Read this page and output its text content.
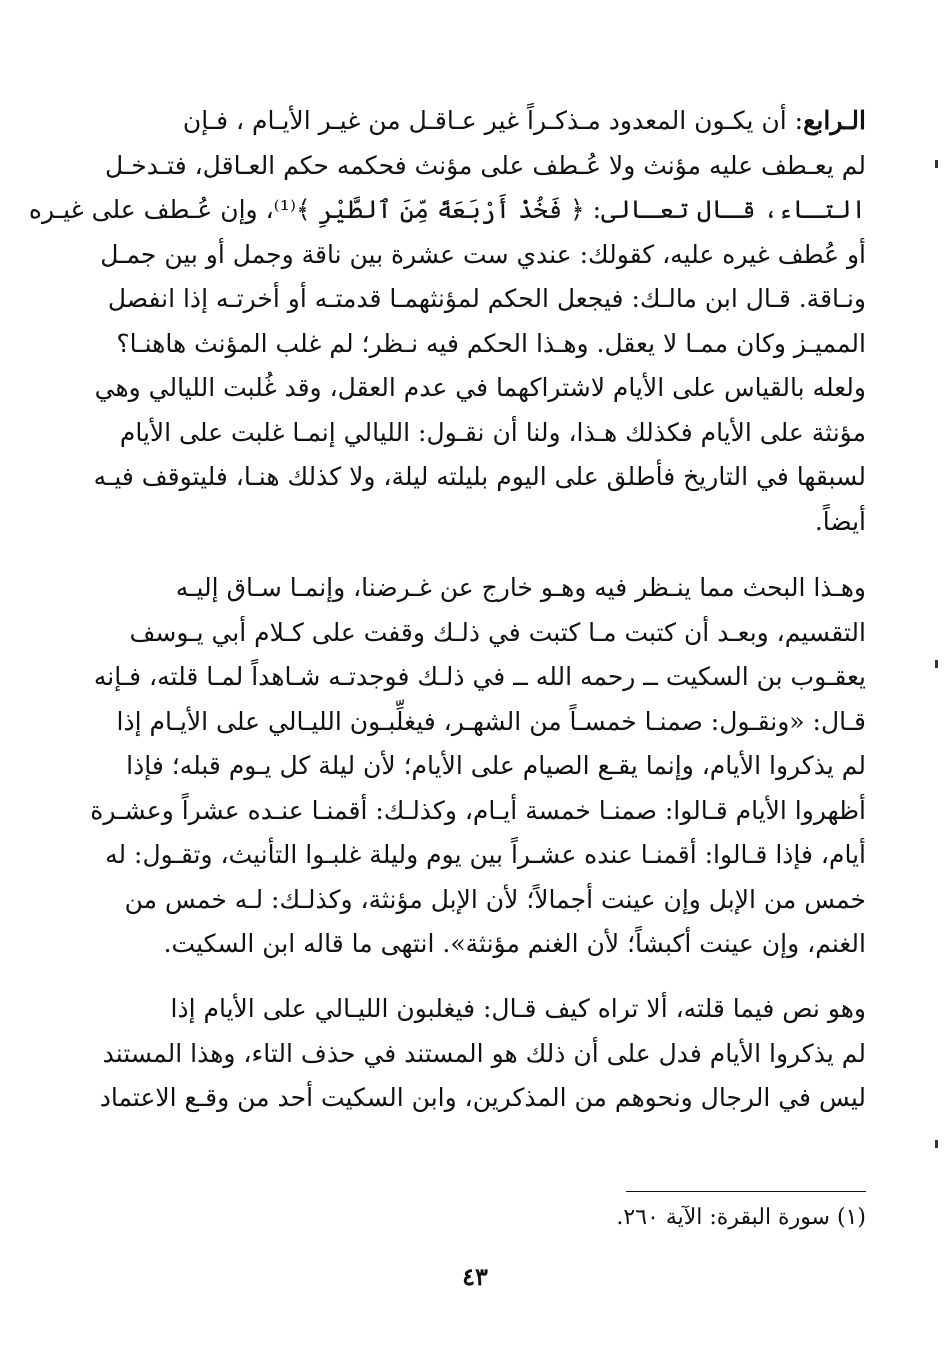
الـرابع: أن يكـون المعدود مـذكـراً غير عـاقـل من غيـر الأيـام ، فـإن
لم يعـطف عليه مؤنث ولا عُـطف على مؤنث فحكمه حكم العـاقل، فتـدخـل
التـاء، قـال تعـالى: ﴿ فَخُذْ أَرْبَعَةً مِّنَ ٱلطَّيْرِ ﴾⁽¹⁾، وإن عُـطف على غيـره
أو عُطف غيره عليه، كقولك: عندي ست عشرة بين ناقة وجمل أو بين جمـل
ونـاقة. قـال ابن مالـك: فيجعل الحكم لمؤنثهمـا قدمتـه أو أخرتـه إذا انفصل
المميـز وكان ممـا لا يعقل. وهـذا الحكم فيه نـظر؛ لم غلب المؤنث هاهنـا؟
ولعله بالقياس على الأيام لاشتراكهما في عدم العقل، وقد غُلبت الليالي وهي
مؤنثة على الأيام فكذلك هـذا، ولنا أن نقـول: الليالي إنمـا غلبت على الأيام
لسبقها في التاريخ فأطلق على اليوم بليلته ليلة، ولا كذلك هنـا، فليتوقف فيـه
أيضاً.
وهـذا البحث مما ينـظر فيه وهـو خارج عن غـرضنا، وإنمـا سـاق إليـه
التقسيم، وبعـد أن كتبت مـا كتبت في ذلـك وقفت على كـلام أبي يـوسف
يعقـوب بن السكيت ــ رحمه الله ــ في ذلـك فوجدتـه شـاهداً لمـا قلته، فـإنه
قـال: «ونقـول: صمنـا خمسـاً من الشهـر، فيغلِّبـون الليـالي على الأيـام إذا
لم يذكروا الأيام، وإنما يقـع الصيام على الأيام؛ لأن ليلة كل يـوم قبله؛ فإذا
أظهروا الأيام قـالوا: صمنـا خمسة أيـام، وكذلـك: أقمنـا عنـده عشراً وعشـرة
أيام، فإذا قـالوا: أقمنـا عنده عشـراً بين يوم وليلة غلبـوا التأنيث، وتقـول: له
خمس من الإبل وإن عينت أجمالاً؛ لأن الإبل مؤنثة، وكذلـك: لـه خمس من
الغنم، وإن عينت أكبشاً؛ لأن الغنم مؤنثة». انتهى ما قاله ابن السكيت.
وهو نص فيما قلته، ألا تراه كيف قـال: فيغلبون الليـالي على الأيام إذا
لم يذكروا الأيام فدل على أن ذلك هو المستند في حذف التاء، وهذا المستند
ليس في الرجال ونحوهم من المذكرين، وابن السكيت أحد من وقـع الاعتماد
(١) سورة البقرة: الآية ٢٦٠.
٤٣
